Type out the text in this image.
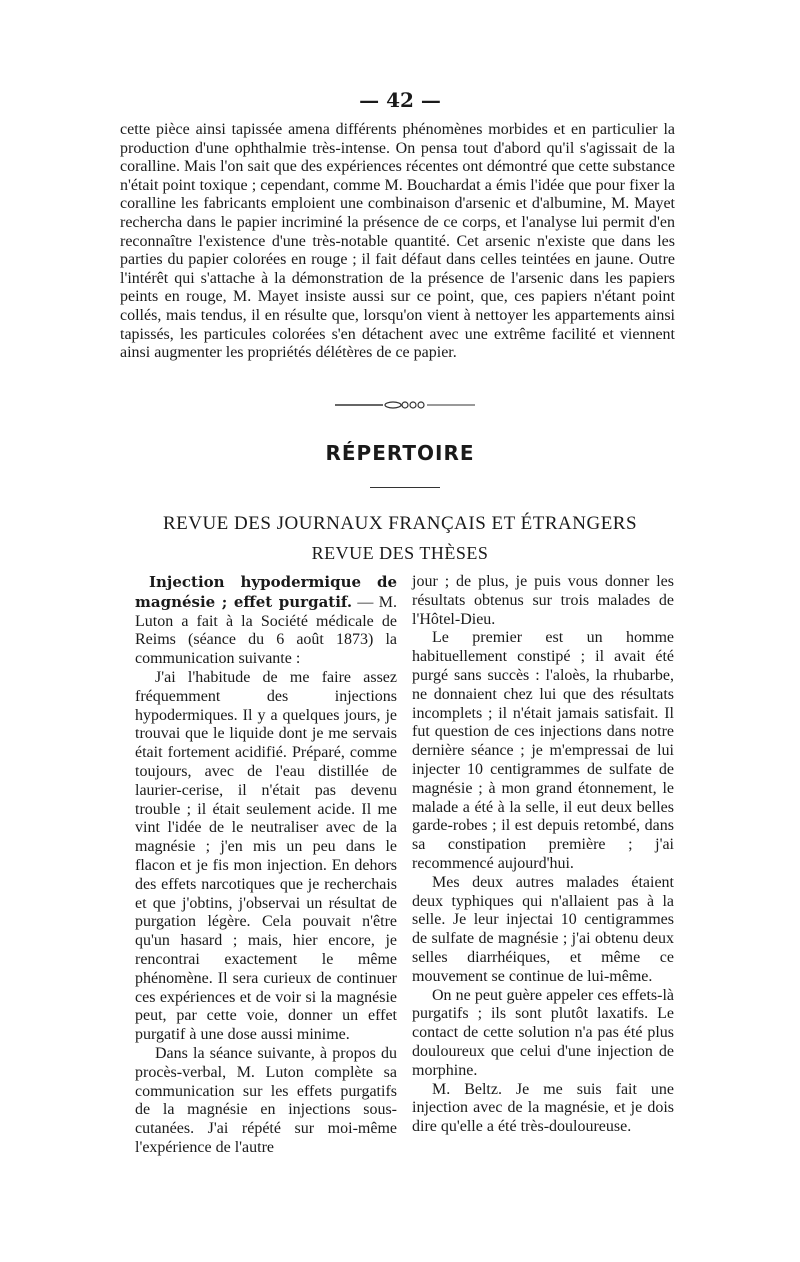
— 42 —

cette pièce ainsi tapissée amena différents phénomènes morbides et en particulier la production d'une ophthalmie très-intense. On pensa tout d'abord qu'il s'agissait de la coralline. Mais l'on sait que des expériences récentes ont démontré que cette substance n'était point toxique ; cependant, comme M. Bouchardat a émis l'idée que pour fixer la coralline les fabricants emploient une combinaison d'arsenic et d'albumine, M. Mayet rechercha dans le papier incriminé la présence de ce corps, et l'analyse lui permit d'en reconnaître l'existence d'une très-notable quantité. Cet arsenic n'existe que dans les parties du papier colorées en rouge ; il fait défaut dans celles teintées en jaune. Outre l'intérêt qui s'attache à la démonstration de la présence de l'arsenic dans les papiers peints en rouge, M. Mayet insiste aussi sur ce point, que, ces papiers n'étant point collés, mais tendus, il en résulte que, lorsqu'on vient à nettoyer les appartements ainsi tapissés, les particules colorées s'en détachent avec une extrême facilité et viennent ainsi augmenter les propriétés délétères de ce papier.

RÉPERTOIRE
REVUE DES JOURNAUX FRANÇAIS ET ÉTRANGERS
REVUE DES THÈSES

Injection hypodermique de magnésie ; effet purgatif. — M. Luton a fait à la Société médicale de Reims (séance du 6 août 1873) la communication suivante :

J'ai l'habitude de me faire assez fréquemment des injections hypodermiques. Il y a quelques jours, je trouvai que le liquide dont je me servais était fortement acidifié. Préparé, comme toujours, avec de l'eau distillée de laurier-cerise, il n'était pas devenu trouble ; il était seulement acide. Il me vint l'idée de le neutraliser avec de la magnésie ; j'en mis un peu dans le flacon et je fis mon injection. En dehors des effets narcotiques que je recherchais et que j'obtins, j'observai un résultat de purgation légère. Cela pouvait n'être qu'un hasard ; mais, hier encore, je rencontrai exactement le même phénomène. Il sera curieux de continuer ces expériences et de voir si la magnésie peut, par cette voie, donner un effet purgatif à une dose aussi minime.

Dans la séance suivante, à propos du procès-verbal, M. Luton complète sa communication sur les effets purgatifs de la magnésie en injections sous-cutanées. J'ai répété sur moi-même l'expérience de l'autre

jour ; de plus, je puis vous donner les résultats obtenus sur trois malades de l'Hôtel-Dieu.

Le premier est un homme habituellement constipé ; il avait été purgé sans succès : l'aloès, la rhubarbe, ne donnaient chez lui que des résultats incomplets ; il n'était jamais satisfait. Il fut question de ces injections dans notre dernière séance ; je m'empressai de lui injecter 10 centigrammes de sulfate de magnésie ; à mon grand étonnement, le malade a été à la selle, il eut deux belles garde-robes ; il est depuis retombé, dans sa constipation première ; j'ai recommencé aujourd'hui.

Mes deux autres malades étaient deux typhiques qui n'allaient pas à la selle. Je leur injectai 10 centigrammes de sulfate de magnésie ; j'ai obtenu deux selles diarrhéiques, et même ce mouvement se continue de lui-même.

On ne peut guère appeler ces effets-là purgatifs ; ils sont plutôt laxatifs. Le contact de cette solution n'a pas été plus douloureux que celui d'une injection de morphine.

M. Beltz. Je me suis fait une injection avec de la magnésie, et je dois dire qu'elle a été très-douloureuse.
